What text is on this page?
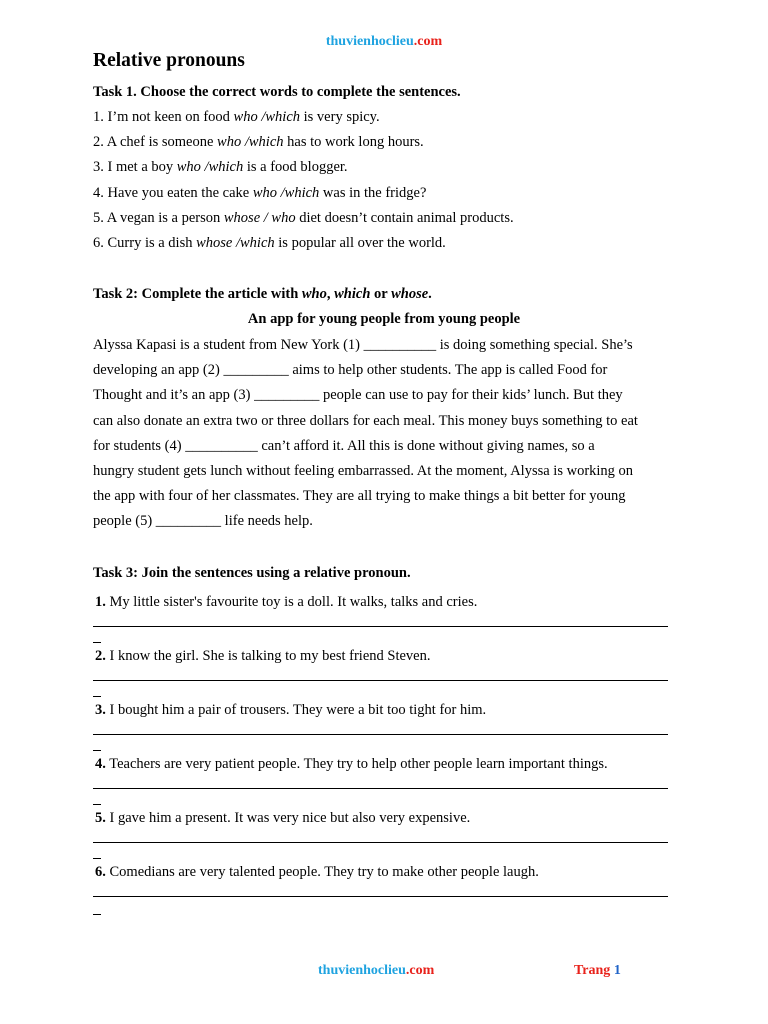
thuvienhoclieu.com
Relative pronouns
Task 1. Choose the correct words to complete the sentences.
1. I’m not keen on food who /which is very spicy.
2. A chef is someone who /which has to work long hours.
3. I met a boy who /which is a food blogger.
4. Have you eaten the cake who /which was in the fridge?
5. A vegan is a person whose / who diet doesn’t contain animal products.
6. Curry is a dish whose /which is popular all over the world.
Task 2: Complete the article with who, which or whose.
An app for young people from young people
Alyssa Kapasi is a student from New York (1) __________ is doing something special. She’s
developing an app (2) _________ aims to help other students. The app is called Food for
Thought and it’s an app (3) _________ people can use to pay for their kids’ lunch. But they
can also donate an extra two or three dollars for each meal. This money buys something to eat
for students (4) __________ can’t afford it. All this is done without giving names, so a
hungry student gets lunch without feeling embarrassed. At the moment, Alyssa is working on
the app with four of her classmates. They are all trying to make things a bit better for young
people (5) _________ life needs help.
Task 3: Join the sentences using a relative pronoun.
1. My little sister's favourite toy is a doll. It walks, talks and cries.
2. I know the girl. She is talking to my best friend Steven.
3. I bought him a pair of trousers. They were a bit too tight for him.
4. Teachers are very patient people. They try to help other people learn important things.
5. I gave him a present. It was very nice but also very expensive.
6. Comedians are very talented people. They try to make other people laugh.
thuvienhoclieu.com	Trang 1
